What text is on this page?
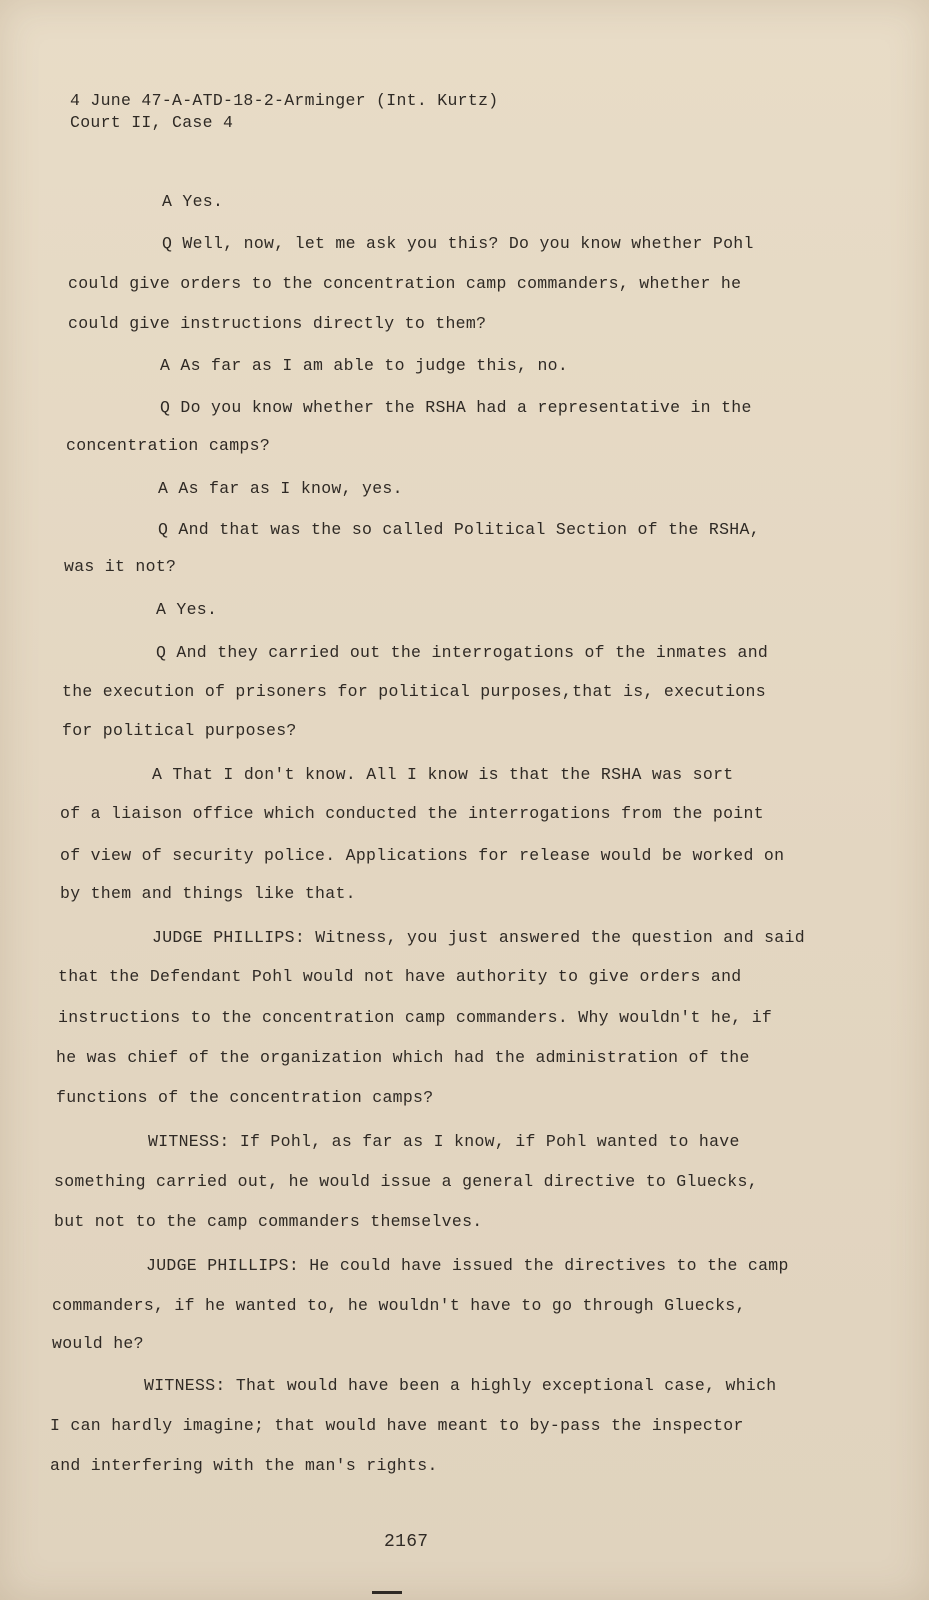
4 June 47-A-ATD-18-2-Arminger (Int. Kurtz)
Court II, Case 4
A Yes.
Q Well, now, let me ask you this? Do you know whether Pohl
could give orders to the concentration camp commanders, whether he
could give instructions directly to them?
A As far as I am able to judge this, no.
Q Do you know whether the RSHA had a representative in the
concentration camps?
A As far as I know, yes.
Q And that was the so called Political Section of the RSHA,
was it not?
A Yes.
Q And they carried out the interrogations of the inmates and
the execution of prisoners for political purposes,that is, executions
for political purposes?
A That I don't know. All I know is that the RSHA was sort
of a liaison office which conducted the interrogations from the point
of view of security police. Applications for release would be worked on
by them and things like that.
JUDGE PHILLIPS: Witness, you just answered the question and said
that the Defendant Pohl would not have authority to give orders and
instructions to the concentration camp commanders. Why wouldn't he, if
he was chief of the organization which had the administration of the
functions of the concentration camps?
WITNESS: If Pohl, as far as I know, if Pohl wanted to have
something carried out, he would issue a general directive to Gluecks,
but not to the camp commanders themselves.
JUDGE PHILLIPS: He could have issued the directives to the camp
commanders, if he wanted to, he wouldn't have to go through Gluecks,
would he?
WITNESS: That would have been a highly exceptional case, which
I can hardly imagine; that would have meant to by-pass the inspector
and interfering with the man's rights.
2167
